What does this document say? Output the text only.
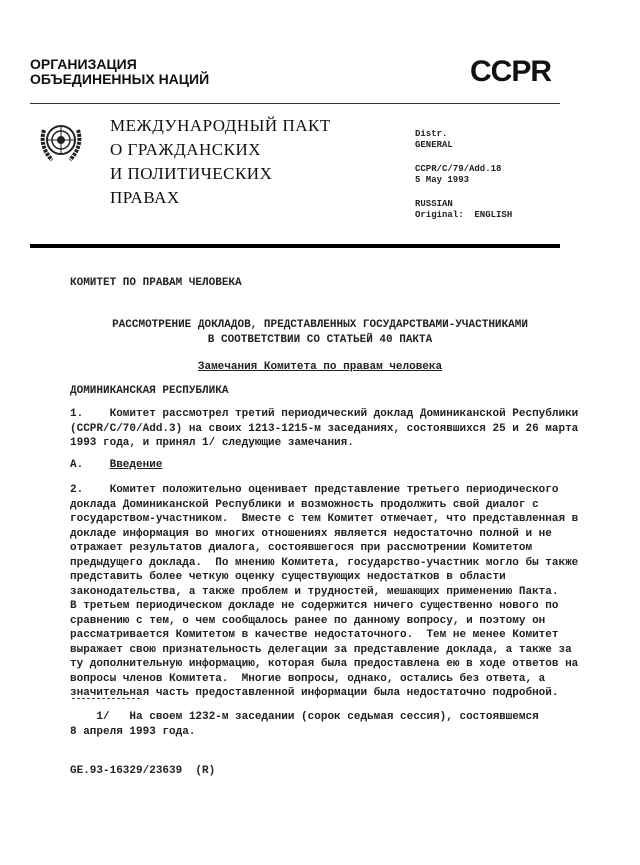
ОРГАНИЗАЦИЯ
ОБЪЕДИНЕННЫХ НАЦИЙ	CCPR
МЕЖДУНАРОДНЫЙ ПАКТ
О ГРАЖДАНСКИХ
И ПОЛИТИЧЕСКИХ
ПРАВАХ
Distr.
GENERAL
CCPR/C/79/Add.18
5 May 1993
RUSSIAN
Original:  ENGLISH
КОМИТЕТ ПО ПРАВАМ ЧЕЛОВЕКА
РАССМОТРЕНИЕ ДОКЛАДОВ, ПРЕДСТАВЛЕННЫХ ГОСУДАРСТВАМИ-УЧАСТНИКАМИ
В СООТВЕТСТВИИ СО СТАТЬЕЙ 40 ПАКТА
Замечания Комитета по правам человека
ДОМИНИКАНСКАЯ РЕСПУБЛИКА
1.    Комитет рассмотрел третий периодический доклад Доминиканской Республики
(CCPR/C/70/Add.3) на своих 1213-1215-м заседаниях, состоявшихся 25 и 26 марта
1993 года, и принял 1/ следующие замечания.
A. Введение
2.    Комитет положительно оценивает представление третьего периодического
доклада Доминиканской Республики и возможность продолжить свой диалог с
государством-участником.  Вместе с тем Комитет отмечает, что представленная в
докладе информация во многих отношениях является недостаточно полной и не
отражает результатов диалога, состоявшегося при рассмотрении Комитетом
предыдущего доклада.  По мнению Комитета, государство-участник могло бы также
представить более четкую оценку существующих недостатков в области
законодательства, а также проблем и трудностей, мешающих применению Пакта.
В третьем периодическом докладе не содержится ничего существенно нового по
сравнению с тем, о чем сообщалось ранее по данному вопросу, и поэтому он
рассматривается Комитетом в качестве недостаточного.  Тем не менее Комитет
выражает свою признательность делегации за представление доклада, а также за
ту дополнительную информацию, которая была предоставлена ею в ходе ответов на
вопросы членов Комитета.  Многие вопросы, однако, остались без ответа, а
значительная часть предоставленной информации была недостаточно подробной.
1/   На своем 1232-м заседании (сорок седьмая сессия), состоявшемся
8 апреля 1993 года.
GE.93-16329/23639  (R)
